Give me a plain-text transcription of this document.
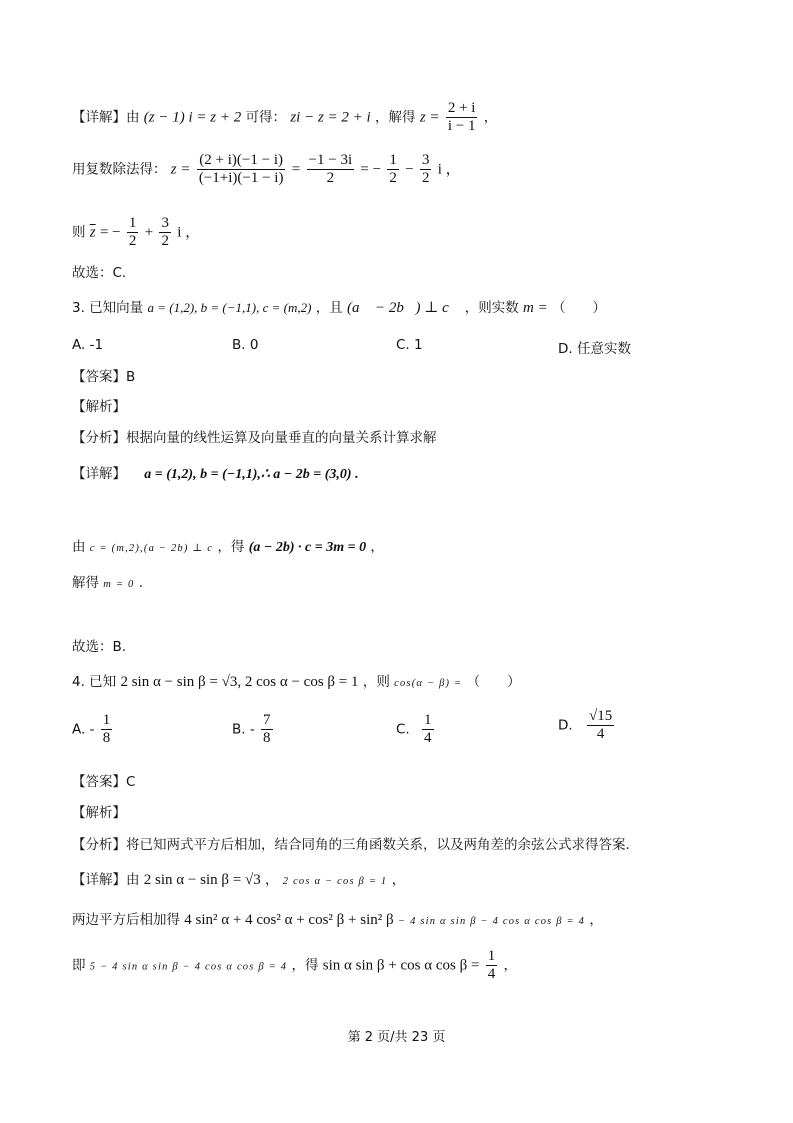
【详解】由 (z − 1) i = z + 2 可得： zi − z = 2 + i ，解得 $z = \frac{2 + i}{i - 1}$ ，
用复数除法得： $z = \frac{(2 + i)(-1 - i)}{(-1+i)(-1 - i)} = \frac{-1 - 3i}{2}$ = − $\frac{1}{2} - \frac{3}{2}$ i ，
则 $\overline{z}$ = − $\frac{1}{2} + \frac{3}{2}$ i ，
故选：C.
3. 已知向量 a = (1,2), b = (−1,1), c = (m,2) ，且 (a⃗ − 2b⃗) ⊥ c⃗ ，则实数 m = （　　）
A. -1	B. 0	C. 1	D. 任意实数
【答案】B
【解析】
【分析】根据向量的线性运算及向量垂直的向量关系计算求解
【详解】 a = (1,2), b = (−1,1),∴ a − 2b = (3,0) .
由 c = (m,2),(a − 2b) ⊥ c ，得 (a − 2b) · c = 3m = 0 ，
解得 m = 0 .
故选：B.
4. 已知 2 sin α − sin β = √3, 2 cos α − cos β = 1 ，则 cos(α − β) = （　　）
A. - $\frac{1}{8}$	B. - $\frac{7}{8}$	C. $\frac{1}{4}$	D. $\frac{√15}{4}$
【答案】C
【解析】
【分析】将已知两式平方后相加，结合同角的三角函数关系，以及两角差的余弦公式求得答案.
【详解】由 2 sin α − sin β = √3 ， 2 cos α − cos β = 1 ，
两边平方后相加得 4 sin² α + 4 cos² α + cos² β + sin² β − 4 sin α sin β − 4 cos α cos β = 4 ，
即 5 − 4 sin α sin β − 4 cos α cos β = 4 ，得 sin α sin β + cos α $\cos \beta = \frac{1}{4}$ ，
第 2 页/共 23 页
